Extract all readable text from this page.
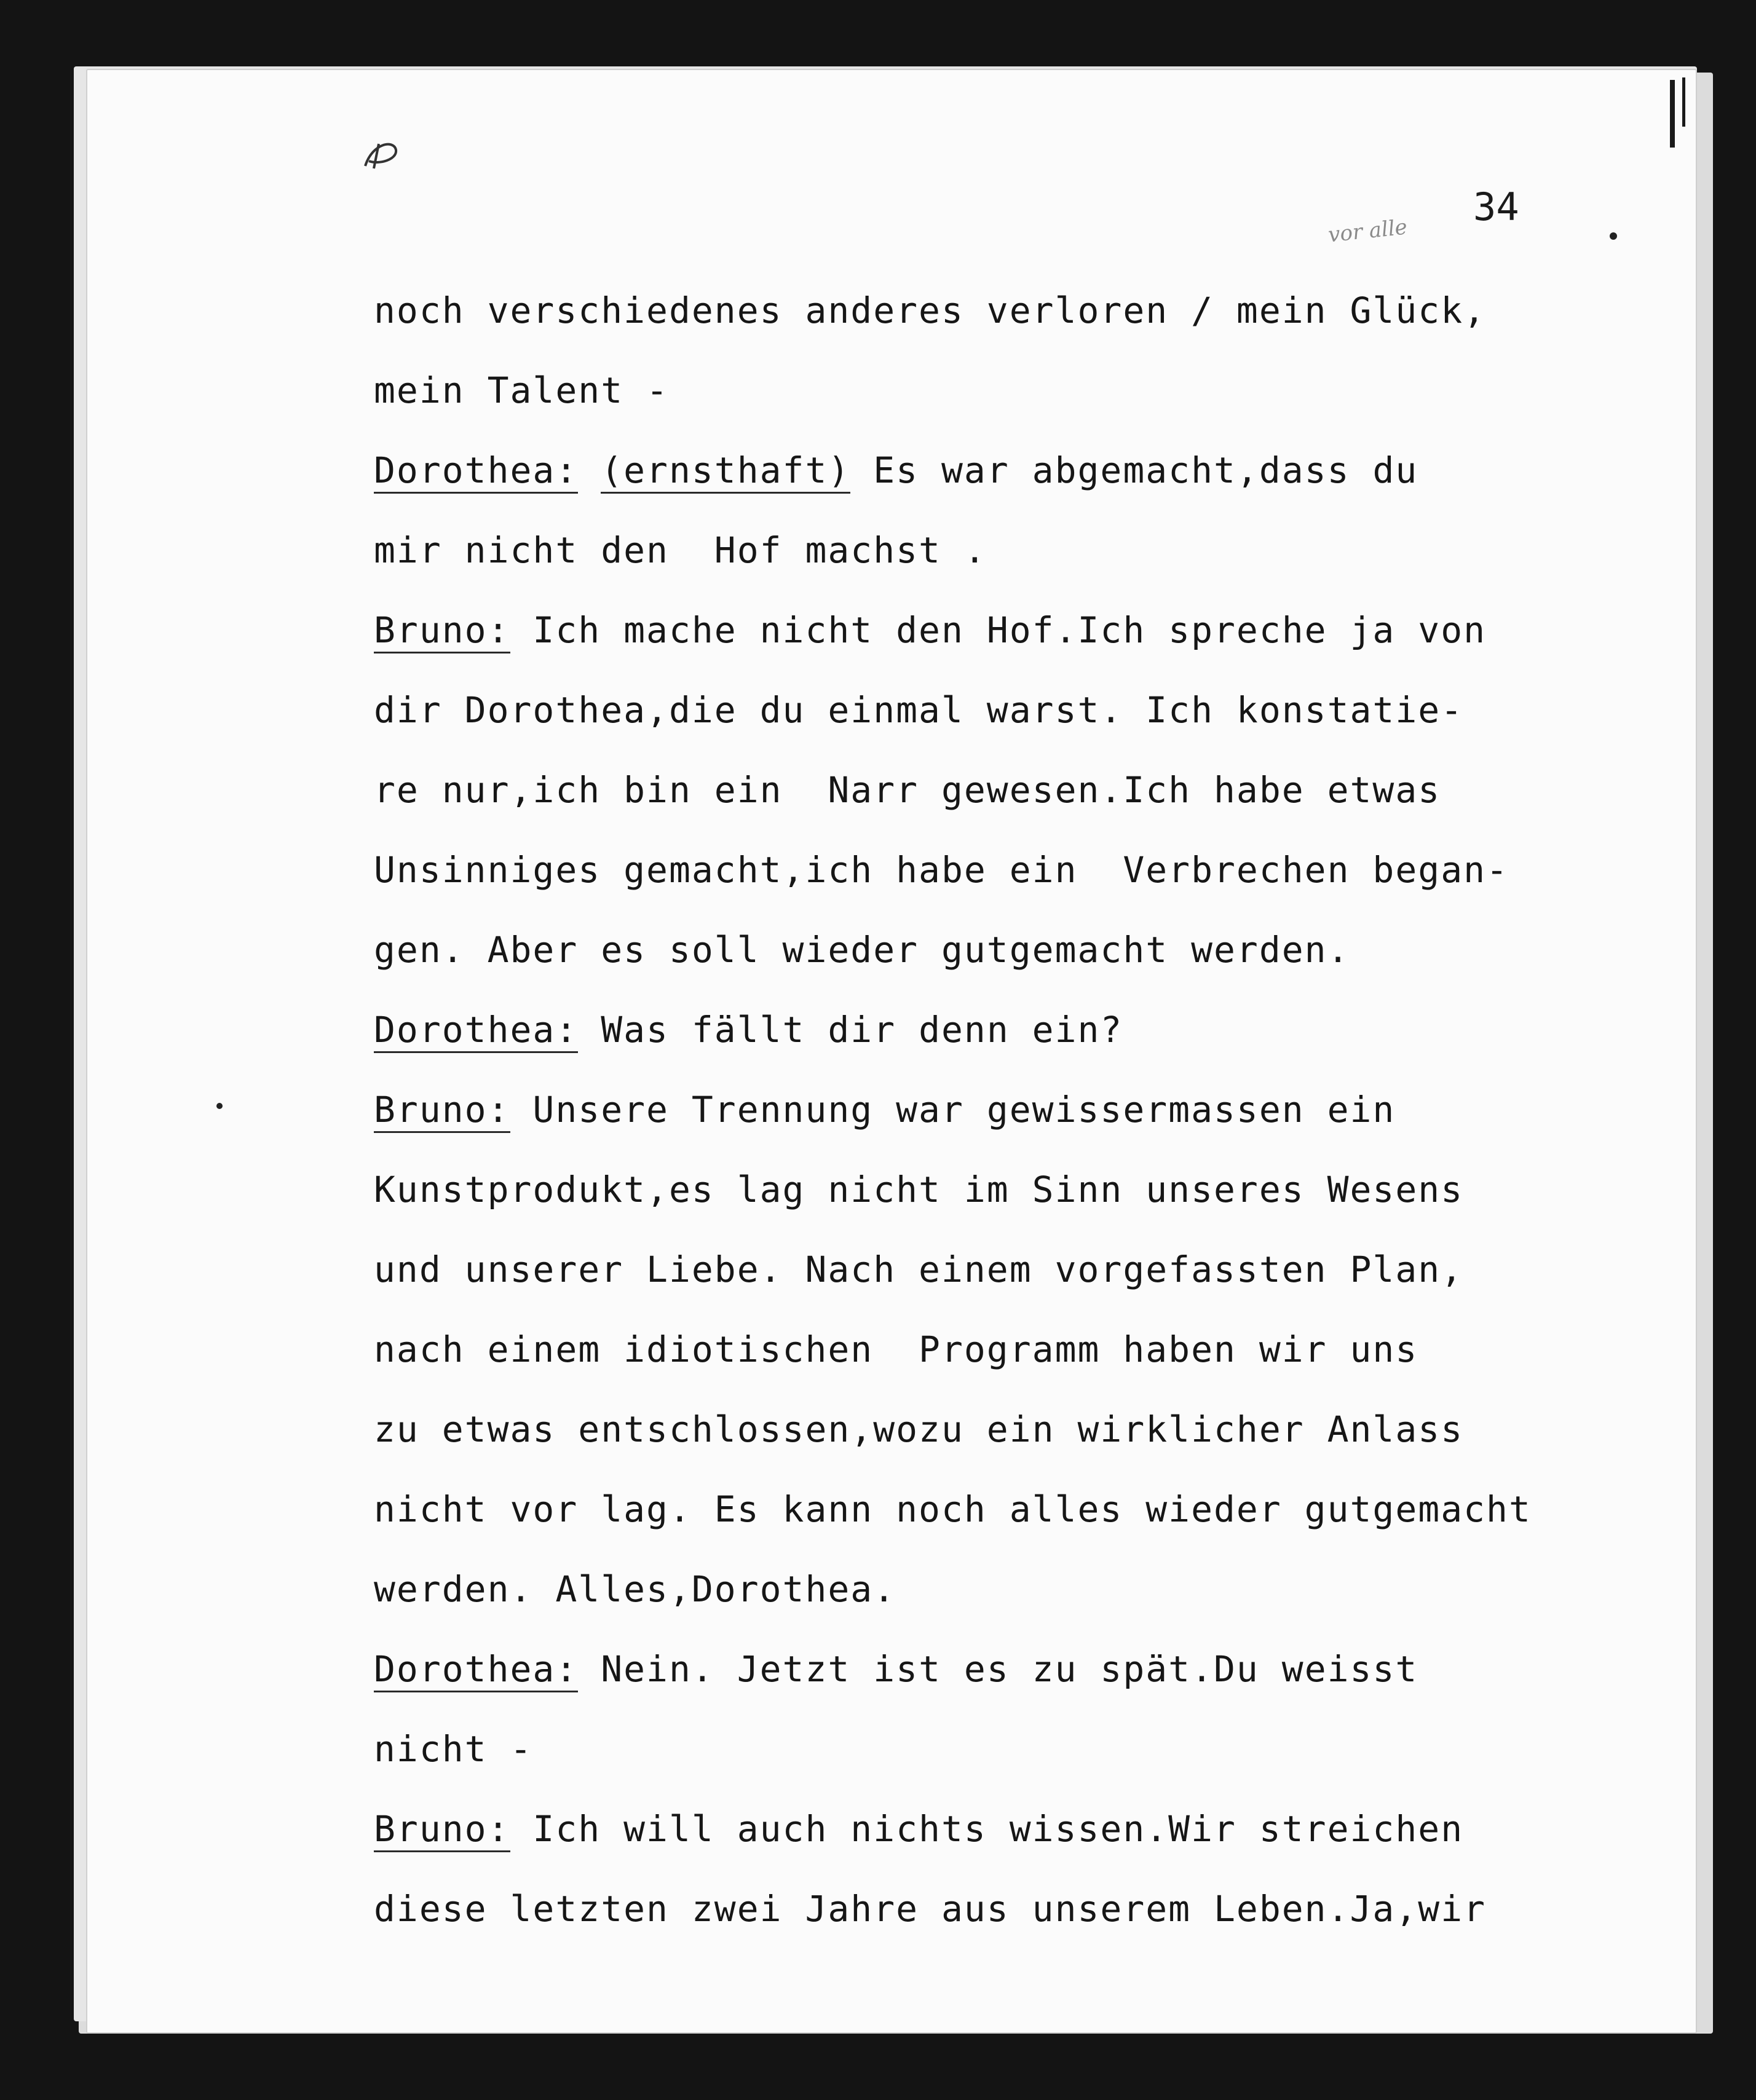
34
vor alle
noch verschiedenes anderes verloren / mein Glück,
mein Talent -
Dorothea: (ernsthaft) Es war abgemacht,dass du
mir nicht den  Hof machst .
Bruno: Ich mache nicht den Hof.Ich spreche ja von
dir Dorothea,die du einmal warst. Ich konstatie-
re nur,ich bin ein  Narr gewesen.Ich habe etwas
Unsinniges gemacht,ich habe ein  Verbrechen began-
gen. Aber es soll wieder gutgemacht werden.
Dorothea: Was fällt dir denn ein?
Bruno: Unsere Trennung war gewissermassen ein
Kunstprodukt,es lag nicht im Sinn unseres Wesens
und unserer Liebe. Nach einem vorgefassten Plan,
nach einem idiotischen  Programm haben wir uns
zu etwas entschlossen,wozu ein wirklicher Anlass
nicht vor lag. Es kann noch alles wieder gutgemacht
werden. Alles,Dorothea.
Dorothea: Nein. Jetzt ist es zu spät.Du weisst
nicht -
Bruno: Ich will auch nichts wissen.Wir streichen
diese letzten zwei Jahre aus unserem Leben.Ja,wir
